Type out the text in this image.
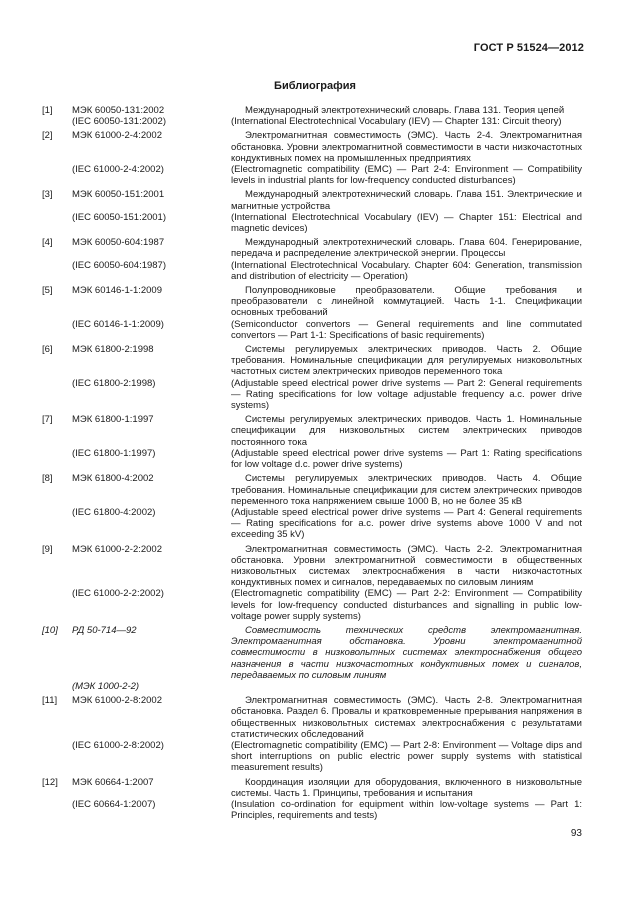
ГОСТ Р 51524—2012
Библиография
[1]	МЭК 60050-131:2002	Международный электротехнический словарь. Глава 131. Теория цепей
(IEC 60050-131:2002)	(International Electrotechnical Vocabulary (IEV) — Chapter 131: Circuit theory)
[2]	МЭК 61000-2-4:2002	Электромагнитная совместимость (ЭМС). Часть 2-4. Электромагнитная обстановка. Уровни электромагнитной совместимости в части низкочастотных кондуктивных помех на промышленных предприятиях
(IEC 61000-2-4:2002)	(Electromagnetic compatibility (EMC) — Part 2-4: Environment — Compatibility levels in industrial plants for low-frequency conducted disturbances)
[3]	МЭК 60050-151:2001	Международный электротехнический словарь. Глава 151. Электрические и магнитные устройства
(IEC 60050-151:2001)	(International Electrotechnical Vocabulary (IEV) — Chapter 151: Electrical and magnetic devices)
[4]	МЭК 60050-604:1987	Международный электротехнический словарь. Глава 604. Генерирование, передача и распределение электрической энергии. Процессы
(IEC 60050-604:1987)	(International Electrotechnical Vocabulary. Chapter 604: Generation, transmission and distribution of electricity — Operation)
[5]	МЭК 60146-1-1:2009	Полупроводниковые преобразователи. Общие требования и преобразователи с линейной коммутацией. Часть 1-1. Спецификации основных требований
(IEC 60146-1-1:2009)	(Semiconductor convertors — General requirements and line commutated convertors — Part 1-1: Specifications of basic requirements)
[6]	МЭК 61800-2:1998	Системы регулируемых электрических приводов. Часть 2. Общие требования. Номинальные спецификации для регулируемых низковольтных частотных систем электрических приводов переменного тока
(IEC 61800-2:1998)	(Adjustable speed electrical power drive systems — Part 2: General requirements — Rating specifications for low voltage adjustable frequency a.c. power drive systems)
[7]	МЭК 61800-1:1997	Системы регулируемых электрических приводов. Часть 1. Номинальные спецификации для низковольтных систем электрических приводов постоянного тока
(IEC 61800-1:1997)	(Adjustable speed electrical power drive systems — Part 1: Rating specifications for low voltage d.c. power drive systems)
[8]	МЭК 61800-4:2002	Системы регулируемых электрических приводов. Часть 4. Общие требования. Номинальные спецификации для систем электрических приводов переменного тока напряжением свыше 1000 В, но не более 35 кВ
(IEC 61800-4:2002)	(Adjustable speed electrical power drive systems — Part 4: General requirements — Rating specifications for a.c. power drive systems above 1000 V and not exceeding 35 kV)
[9]	МЭК 61000-2-2:2002	Электромагнитная совместимость (ЭМС). Часть 2-2. Электромагнитная обстановка. Уровни электромагнитной совместимости в общественных низковольтных системах электроснабжения в части низкочастотных кондуктивных помех и сигналов, передаваемых по силовым линиям
(IEC 61000-2-2:2002)	(Electromagnetic compatibility (EMC) — Part 2-2: Environment — Compatibility levels for low-frequency conducted disturbances and signalling in public low-voltage power supply systems)
[10]	РД 50-714—92	Совместимость технических средств электромагнитная. Электромагнитная обстановка. Уровни электромагнитной совместимости в низковольтных системах электроснабжения общего назначения в части низкочастотных кондуктивных помех и сигналов, передаваемых по силовым линиям
(МЭК 1000-2-2)
[11]	МЭК 61000-2-8:2002	Электромагнитная совместимость (ЭМС). Часть 2-8. Электромагнитная обстановка. Раздел 6. Провалы и кратковременные прерывания напряжения в общественных низковольтных системах электроснабжения с результатами статистических обследований
(IEC 61000-2-8:2002)	(Electromagnetic compatibility (EMC) — Part 2-8: Environment — Voltage dips and short interruptions on public electric power supply systems with statistical measurement results)
[12]	МЭК 60664-1:2007	Координация изоляции для оборудования, включенного в низковольтные системы. Часть 1. Принципы, требования и испытания
(IEC 60664-1:2007)	(Insulation co-ordination for equipment within low-voltage systems — Part 1: Principles, requirements and tests)
93
